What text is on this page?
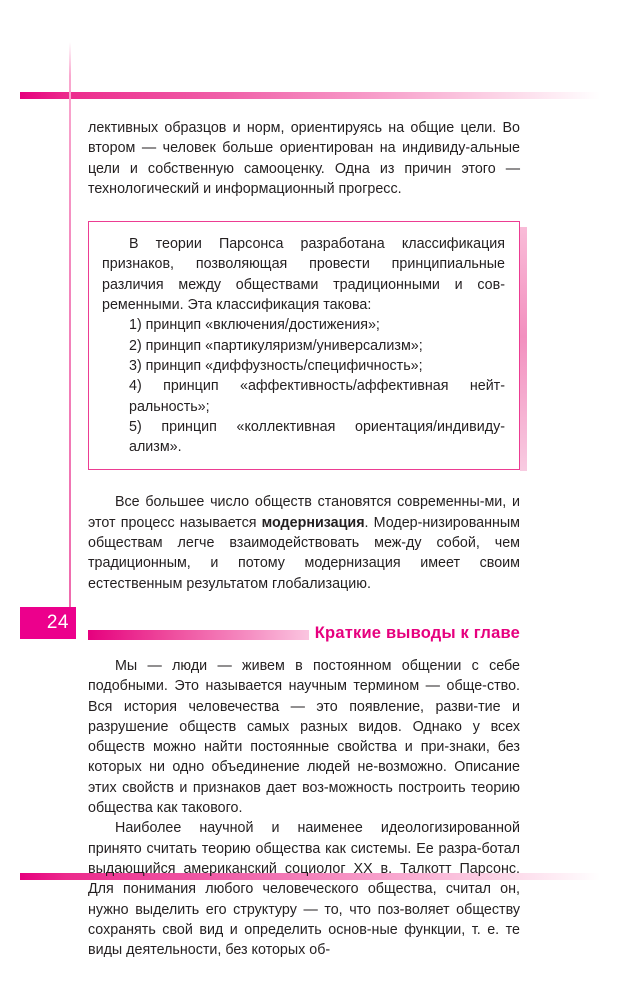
24

лективных образцов и норм, ориентируясь на общие цели. Во втором — человек больше ориентирован на индивиду-альные цели и собственную самооценку. Одна из причин этого — технологический и информационный прогресс.

В теории Парсонса разработана классификация признаков, позволяющая провести принципиальные различия между обществами традиционными и сов-ременными. Эта классификация такова:

1) принцип «включения/достижения»;
2) принцип «партикуляризм/универсализм»;
3) принцип «диффузность/специфичность»;
4) принцип «аффективность/аффективная нейт-ральность»;
5) принцип «коллективная ориентация/индивиду-ализм».

Все большее число обществ становятся современны-ми, и этот процесс называется модернизация. Модер-низированным обществам легче взаимодействовать меж-ду собой, чем традиционным, и потому модернизация имеет своим естественным результатом глобализацию.

Краткие выводы к главе

Мы — люди — живем в постоянном общении с себе подобными. Это называется научным термином — обще-ство. Вся история человечества — это появление, разви-тие и разрушение обществ самых разных видов. Однако у всех обществ можно найти постоянные свойства и при-знаки, без которых ни одно объединение людей не-возможно. Описание этих свойств и признаков дает воз-можность построить теорию общества как такового.

Наиболее научной и наименее идеологизированной принято считать теорию общества как системы. Ее разра-ботал выдающийся американский социолог XX в. Талкотт Парсонс. Для понимания любого человеческого общества, считал он, нужно выделить его структуру — то, что поз-воляет обществу сохранять свой вид и определить основ-ные функции, т. е. те виды деятельности, без которых об-
